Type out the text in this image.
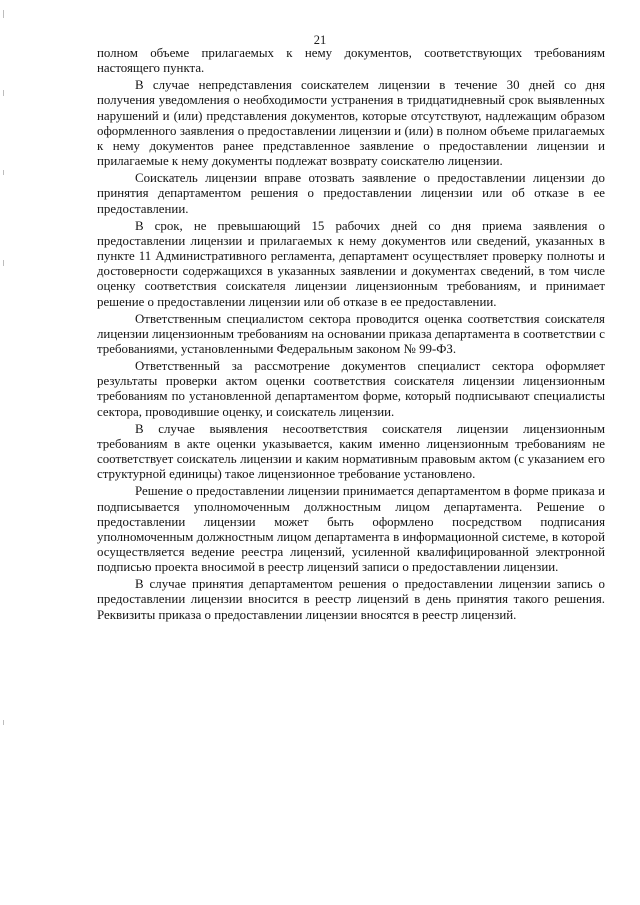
21

полном объеме прилагаемых к нему документов, соответствующих требованиям настоящего пункта.

В случае непредставления соискателем лицензии в течение 30 дней со дня получения уведомления о необходимости устранения в тридцатидневный срок выявленных нарушений и (или) представления документов, которые отсутствуют, надлежащим образом оформленного заявления о предоставлении лицензии и (или) в полном объеме прилагаемых к нему документов ранее представленное заявление о предоставлении лицензии и прилагаемые к нему документы подлежат возврату соискателю лицензии.

Соискатель лицензии вправе отозвать заявление о предоставлении лицензии до принятия департаментом решения о предоставлении лицензии или об отказе в ее предоставлении.

В срок, не превышающий 15 рабочих дней со дня приема заявления о предоставлении лицензии и прилагаемых к нему документов или сведений, указанных в пункте 11 Административного регламента, департамент осуществляет проверку полноты и достоверности содержащихся в указанных заявлении и документах сведений, в том числе оценку соответствия соискателя лицензии лицензионным требованиям, и принимает решение о предоставлении лицензии или об отказе в ее предоставлении.

Ответственным специалистом сектора проводится оценка соответствия соискателя лицензии лицензионным требованиям на основании приказа департамента в соответствии с требованиями, установленными Федеральным законом № 99-ФЗ.

Ответственный за рассмотрение документов специалист сектора оформляет результаты проверки актом оценки соответствия соискателя лицензии лицензионным требованиям по установленной департаментом форме, который подписывают специалисты сектора, проводившие оценку, и соискатель лицензии.

В случае выявления несоответствия соискателя лицензии лицензионным требованиям в акте оценки указывается, каким именно лицензионным требованиям не соответствует соискатель лицензии и каким нормативным правовым актом (с указанием его структурной единицы) такое лицензионное требование установлено.

Решение о предоставлении лицензии принимается департаментом в форме приказа и подписывается уполномоченным должностным лицом департамента. Решение о предоставлении лицензии может быть оформлено посредством подписания уполномоченным должностным лицом департамента в информационной системе, в которой осуществляется ведение реестра лицензий, усиленной квалифицированной электронной подписью проекта вносимой в реестр лицензий записи о предоставлении лицензии.

В случае принятия департаментом решения о предоставлении лицензии запись о предоставлении лицензии вносится в реестр лицензий в день принятия такого решения. Реквизиты приказа о предоставлении лицензии вносятся в реестр лицензий.
